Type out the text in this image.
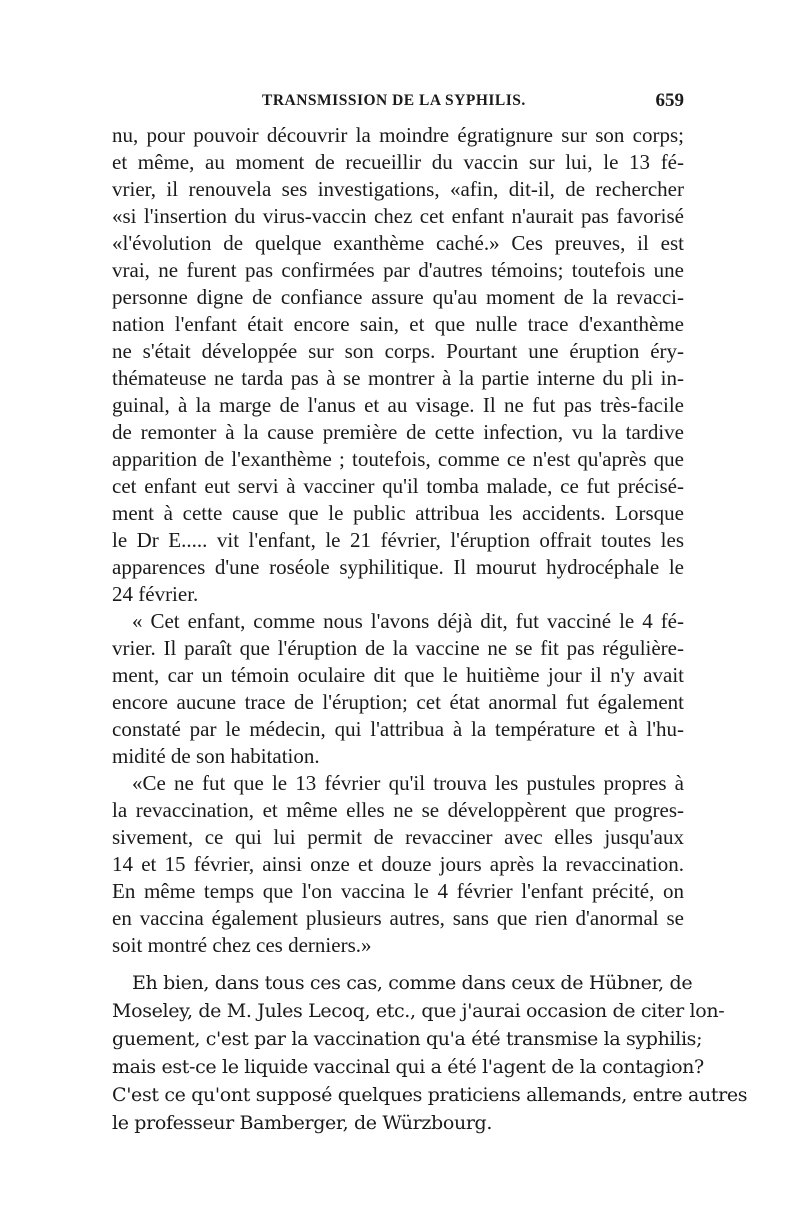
TRANSMISSION DE LA SYPHILIS.	659
nu, pour pouvoir découvrir la moindre égratignure sur son corps;
et même, au moment de recueillir du vaccin sur lui, le 13 fé-
vrier, il renouvela ses investigations, «afin, dit-il, de rechercher
«si l'insertion du virus-vaccin chez cet enfant n'aurait pas favorisé
«l'évolution de quelque exanthème caché.» Ces preuves, il est
vrai, ne furent pas confirmées par d'autres témoins; toutefois une
personne digne de confiance assure qu'au moment de la revacci-
nation l'enfant était encore sain, et que nulle trace d'exanthème
ne s'était développée sur son corps. Pourtant une éruption éry-
thémateuse ne tarda pas à se montrer à la partie interne du pli in-
guinal, à la marge de l'anus et au visage. Il ne fut pas très-facile
de remonter à la cause première de cette infection, vu la tardive
apparition de l'exanthème ; toutefois, comme ce n'est qu'après que
cet enfant eut servi à vacciner qu'il tomba malade, ce fut précisé-
ment à cette cause que le public attribua les accidents. Lorsque
le Dr E..... vit l'enfant, le 21 février, l'éruption offrait toutes les
apparences d'une roséole syphilitique. Il mourut hydrocéphale le
24 février.
« Cet enfant, comme nous l'avons déjà dit, fut vacciné le 4 fé-
vrier. Il paraît que l'éruption de la vaccine ne se fit pas régulière-
ment, car un témoin oculaire dit que le huitième jour il n'y avait
encore aucune trace de l'éruption; cet état anormal fut également
constaté par le médecin, qui l'attribua à la température et à l'hu-
midité de son habitation.
«Ce ne fut que le 13 février qu'il trouva les pustules propres à
la revaccination, et même elles ne se développèrent que progres-
sivement, ce qui lui permit de revacciner avec elles jusqu'aux
14 et 15 février, ainsi onze et douze jours après la revaccination.
En même temps que l'on vaccina le 4 février l'enfant précité, on
en vaccina également plusieurs autres, sans que rien d'anormal se
soit montré chez ces derniers.»
Eh bien, dans tous ces cas, comme dans ceux de Hübner, de
Moseley, de M. Jules Lecoq, etc., que j'aurai occasion de citer lon-
guement, c'est par la vaccination qu'a été transmise la syphilis;
mais est-ce le liquide vaccinal qui a été l'agent de la contagion?
C'est ce qu'ont supposé quelques praticiens allemands, entre autres
le professeur Bamberger, de Würzbourg.
